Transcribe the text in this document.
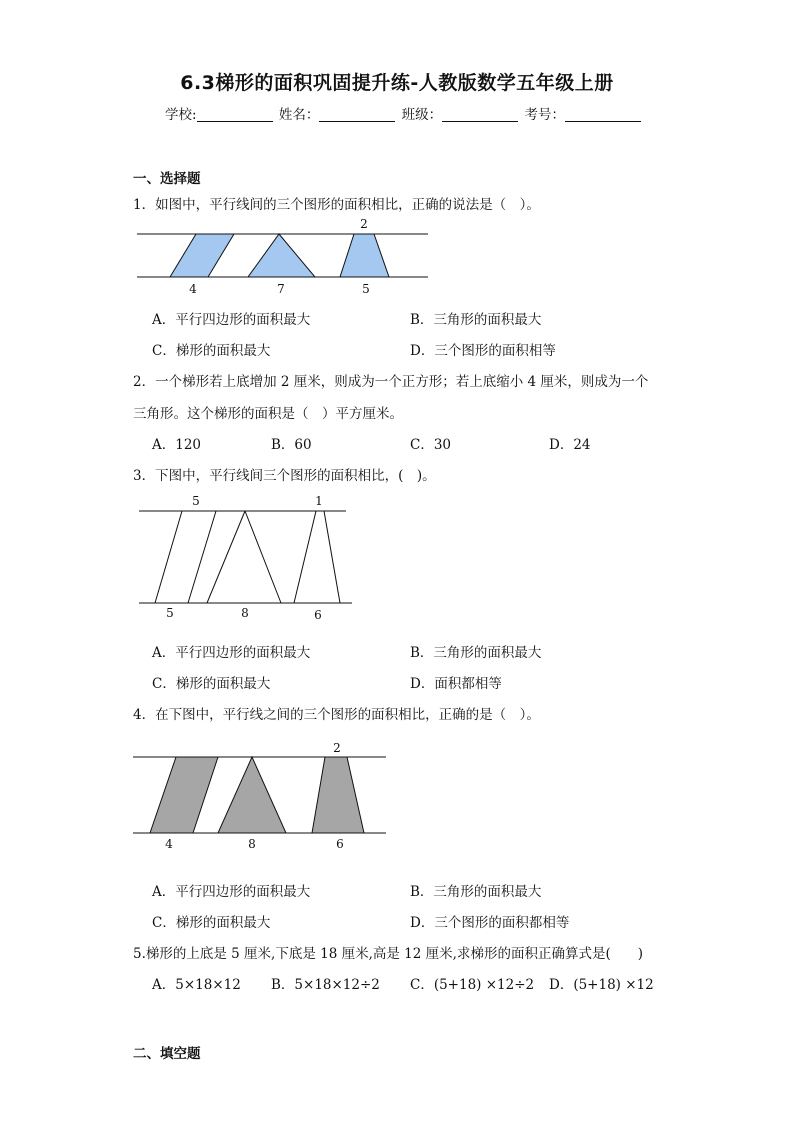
6.3梯形的面积巩固提升练-人教版数学五年级上册
学校:	姓名：	班级：	考号：
一、选择题
1．如图中，平行线间的三个图形的面积相比，正确的说法是（　）。
2
4	7	5
A．平行四边形的面积最大	B．三角形的面积最大
C．梯形的面积最大	D．三个图形的面积相等
2．一个梯形若上底增加 2 厘米，则成为一个正方形；若上底缩小 4 厘米，则成为一个
三角形。这个梯形的面积是（　）平方厘米。
A．120	B．60	C．30	D．24
3．下图中，平行线间三个图形的面积相比，(　)。
5	1
5	8	6
A．平行四边形的面积最大	B．三角形的面积最大
C．梯形的面积最大	D．面积都相等
4．在下图中，平行线之间的三个图形的面积相比，正确的是（　）。
2
4	8	6
A．平行四边形的面积最大	B．三角形的面积最大
C．梯形的面积最大	D．三个图形的面积都相等
5.梯形的上底是 5 厘米,下底是 18 厘米,高是 12 厘米,求梯形的面积正确算式是(　　)
A．5×18×12 B．5×18×12÷2 C．(5+18) ×12÷2 D．(5+18) ×12
二、填空题
